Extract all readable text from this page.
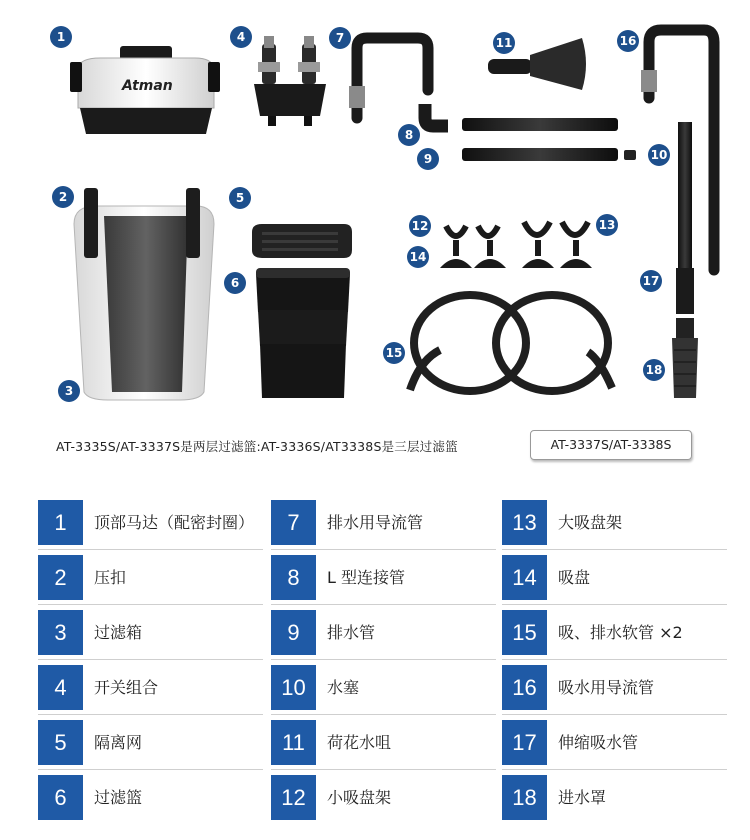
Atman
1
2
3
4
5
6
7
8
9	10
11
12	13
14
15
16
17
18
AT-3335S/AT-3337S是两层过滤篮:AT-3336S/AT3338S是三层过滤篮	AT-3337S/AT-3338S
1	顶部马达（配密封圈）
2	压扣
3	过滤箱
4	开关组合
5	隔离网
6	过滤篮
7	排水用导流管
8	L 型连接管
9	排水管
10	水塞
11	荷花水咀
12	小吸盘架
13	大吸盘架
14	吸盘
15	吸、排水软管 ×2
16	吸水用导流管
17	伸缩吸水管
18	进水罩
